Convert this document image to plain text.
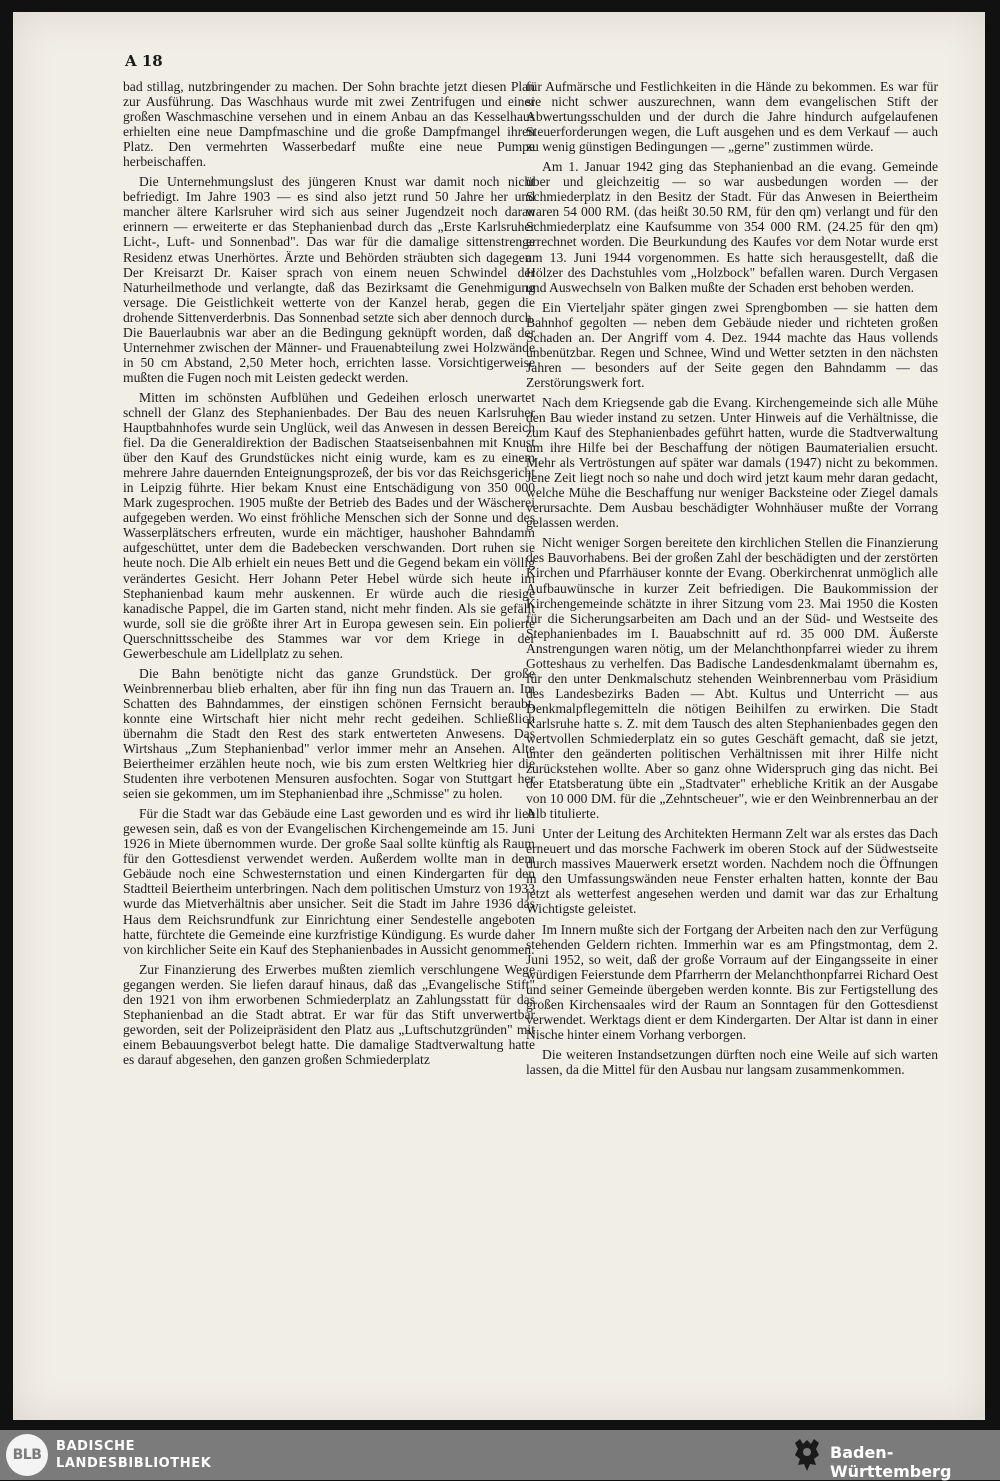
A 18

bad stillag, nutzbringender zu machen. Der Sohn brachte jetzt diesen Plan zur Ausführung. Das Waschhaus wurde mit zwei Zentrifugen und einer großen Waschmaschine versehen und in einem Anbau an das Kesselhaus erhielten eine neue Dampfmaschine und die große Dampfmangel ihren Platz. Den vermehrten Wasserbedarf mußte eine neue Pumpe herbeischaffen.

Die Unternehmungslust des jüngeren Knust war damit noch nicht befriedigt. Im Jahre 1903 — es sind also jetzt rund 50 Jahre her und mancher ältere Karlsruher wird sich aus seiner Jugendzeit noch daran erinnern — erweiterte er das Stephanienbad durch das „Erste Karlsruher Licht-, Luft- und Sonnenbad". Das war für die damalige sittenstrenge Residenz etwas Unerhörtes. Ärzte und Behörden sträubten sich dagegen. Der Kreisarzt Dr. Kaiser sprach von einem neuen Schwindel der Naturheilmethode und verlangte, daß das Bezirksamt die Genehmigung versage. Die Geistlichkeit wetterte von der Kanzel herab, gegen die drohende Sittenverderbnis. Das Sonnenbad setzte sich aber dennoch durch. Die Bauerlaubnis war aber an die Bedingung geknüpft worden, daß der Unternehmer zwischen der Männer- und Frauenabteilung zwei Holzwände in 50 cm Abstand, 2,50 Meter hoch, errichten lasse. Vorsichtigerweise mußten die Fugen noch mit Leisten gedeckt werden.

Mitten im schönsten Aufblühen und Gedeihen erlosch unerwartet schnell der Glanz des Stephanienbades. Der Bau des neuen Karlsruher Hauptbahnhofes wurde sein Unglück, weil das Anwesen in dessen Bereich fiel. Da die Generaldirektion der Badischen Staatseisenbahnen mit Knust über den Kauf des Grundstückes nicht einig wurde, kam es zu einem mehrere Jahre dauernden Enteignungsprozeß, der bis vor das Reichsgericht in Leipzig führte. Hier bekam Knust eine Entschädigung von 350 000 Mark zugesprochen. 1905 mußte der Betrieb des Bades und der Wäscherei aufgegeben werden. Wo einst fröhliche Menschen sich der Sonne und des Wasserplätschers erfreuten, wurde ein mächtiger, haushoher Bahndamm aufgeschüttet, unter dem die Badebecken verschwanden. Dort ruhen sie heute noch. Die Alb erhielt ein neues Bett und die Gegend bekam ein völlig verändertes Gesicht. Herr Johann Peter Hebel würde sich heute im Stephanienbad kaum mehr auskennen. Er würde auch die riesige kanadische Pappel, die im Garten stand, nicht mehr finden. Als sie gefällt wurde, soll sie die größte ihrer Art in Europa gewesen sein. Ein polierte Querschnittsscheibe des Stammes war vor dem Kriege in der Gewerbeschule am Lidellplatz zu sehen.

Die Bahn benötigte nicht das ganze Grundstück. Der große Weinbrennerbau blieb erhalten, aber für ihn fing nun das Trauern an. Im Schatten des Bahndammes, der einstigen schönen Fernsicht beraubt, konnte eine Wirtschaft hier nicht mehr recht gedeihen. Schließlich übernahm die Stadt den Rest des stark entwerteten Anwesens. Das Wirtshaus „Zum Stephanienbad" verlor immer mehr an Ansehen. Alte Beiertheimer erzählen heute noch, wie bis zum ersten Weltkrieg hier die Studenten ihre verbotenen Mensuren ausfochten. Sogar von Stuttgart her seien sie gekommen, um im Stephanienbad ihre „Schmisse" zu holen.

Für die Stadt war das Gebäude eine Last geworden und es wird ihr lieb gewesen sein, daß es von der Evangelischen Kirchengemeinde am 15. Juni 1926 in Miete übernommen wurde. Der große Saal sollte künftig als Raum für den Gottesdienst verwendet werden. Außerdem wollte man in dem Gebäude noch eine Schwesternstation und einen Kindergarten für den Stadtteil Beiertheim unterbringen. Nach dem politischen Umsturz von 1933 wurde das Mietverhältnis aber unsicher. Seit die Stadt im Jahre 1936 das Haus dem Reichsrundfunk zur Einrichtung einer Sendestelle angeboten hatte, fürchtete die Gemeinde eine kurzfristige Kündigung. Es wurde daher von kirchlicher Seite ein Kauf des Stephanienbades in Aussicht genommen.

Zur Finanzierung des Erwerbes mußten ziemlich verschlungene Wege gegangen werden. Sie liefen darauf hinaus, daß das „Evangelische Stift" den 1921 von ihm erworbenen Schmiederplatz an Zahlungsstatt für das Stephanienbad an die Stadt abtrat. Er war für das Stift unverwertbar geworden, seit der Polizeipräsident den Platz aus „Luftschutzgründen" mit einem Bebauungsverbot belegt hatte. Die damalige Stadtverwaltung hatte es darauf abgesehen, den ganzen großen Schmiederplatz

für Aufmärsche und Festlichkeiten in die Hände zu bekommen. Es war für sie nicht schwer auszurechnen, wann dem evangelischen Stift der Abwertungsschulden und der durch die Jahre hindurch aufgelaufenen Steuerforderungen wegen, die Luft ausgehen und es dem Verkauf — auch zu wenig günstigen Bedingungen — „gerne" zustimmen würde.

Am 1. Januar 1942 ging das Stephanienbad an die evang. Gemeinde über und gleichzeitig — so war ausbedungen worden — der Schmiederplatz in den Besitz der Stadt. Für das Anwesen in Beiertheim waren 54 000 RM. (das heißt 30.50 RM, für den qm) verlangt und für den Schmiederplatz eine Kaufsumme von 354 000 RM. (24.25 für den qm) errechnet worden. Die Beurkundung des Kaufes vor dem Notar wurde erst am 13. Juni 1944 vorgenommen. Es hatte sich herausgestellt, daß die Hölzer des Dachstuhles vom „Holzbock" befallen waren. Durch Vergasen und Auswechseln von Balken mußte der Schaden erst behoben werden.

Ein Vierteljahr später gingen zwei Sprengbomben — sie hatten dem Bahnhof gegolten — neben dem Gebäude nieder und richteten großen Schaden an. Der Angriff vom 4. Dez. 1944 machte das Haus vollends unbenützbar. Regen und Schnee, Wind und Wetter setzten in den nächsten Jahren — besonders auf der Seite gegen den Bahndamm — das Zerstörungswerk fort.

Nach dem Kriegsende gab die Evang. Kirchengemeinde sich alle Mühe den Bau wieder instand zu setzen. Unter Hinweis auf die Verhältnisse, die zum Kauf des Stephanienbades geführt hatten, wurde die Stadtverwaltung um ihre Hilfe bei der Beschaffung der nötigen Baumaterialien ersucht. Mehr als Vertröstungen auf später war damals (1947) nicht zu bekommen. Jene Zeit liegt noch so nahe und doch wird jetzt kaum mehr daran gedacht, welche Mühe die Beschaffung nur weniger Backsteine oder Ziegel damals verursachte. Dem Ausbau beschädigter Wohnhäuser mußte der Vorrang gelassen werden.

Nicht weniger Sorgen bereitete den kirchlichen Stellen die Finanzierung des Bauvorhabens. Bei der großen Zahl der beschädigten und der zerstörten Kirchen und Pfarrhäuser konnte der Evang. Oberkirchenrat unmöglich alle Aufbauwünsche in kurzer Zeit befriedigen. Die Baukommission der Kirchengemeinde schätzte in ihrer Sitzung vom 23. Mai 1950 die Kosten für die Sicherungsarbeiten am Dach und an der Süd- und Westseite des Stephanienbades im I. Bauabschnitt auf rd. 35 000 DM. Äußerste Anstrengungen waren nötig, um der Melanchthonpfarrei wieder zu ihrem Gotteshaus zu verhelfen. Das Badische Landesdenkmalamt übernahm es, für den unter Denkmalschutz stehenden Weinbrennerbau vom Präsidium des Landesbezirks Baden — Abt. Kultus und Unterricht — aus Denkmalpflegemitteln die nötigen Beihilfen zu erwirken. Die Stadt Karlsruhe hatte s. Z. mit dem Tausch des alten Stephanienbades gegen den wertvollen Schmiederplatz ein so gutes Geschäft gemacht, daß sie jetzt, unter den geänderten politischen Verhältnissen mit ihrer Hilfe nicht zurückstehen wollte. Aber so ganz ohne Widerspruch ging das nicht. Bei der Etatsberatung übte ein „Stadtvater" erhebliche Kritik an der Ausgabe von 10 000 DM. für die „Zehntscheuer", wie er den Weinbrennerbau an der Alb titulierte.

Unter der Leitung des Architekten Hermann Zelt war als erstes das Dach erneuert und das morsche Fachwerk im oberen Stock auf der Südwestseite durch massives Mauerwerk ersetzt worden. Nachdem noch die Öffnungen in den Umfassungswänden neue Fenster erhalten hatten, konnte der Bau jetzt als wetterfest angesehen werden und damit war das zur Erhaltung Wichtigste geleistet.

Im Innern mußte sich der Fortgang der Arbeiten nach den zur Verfügung stehenden Geldern richten. Immerhin war es am Pfingstmontag, dem 2. Juni 1952, so weit, daß der große Vorraum auf der Eingangsseite in einer würdigen Feierstunde dem Pfarrherrn der Melanchthonpfarrei Richard Oest und seiner Gemeinde übergeben werden konnte. Bis zur Fertigstellung des großen Kirchensaales wird der Raum an Sonntagen für den Gottesdienst verwendet. Werktags dient er dem Kindergarten. Der Altar ist dann in einer Nische hinter einem Vorhang verborgen.

Die weiteren Instandsetzungen dürften noch eine Weile auf sich warten lassen, da die Mittel für den Ausbau nur langsam zusammenkommen.

BLB
BADISCHE
LANDESBIBLIOTHEK
Baden-Württemberg
